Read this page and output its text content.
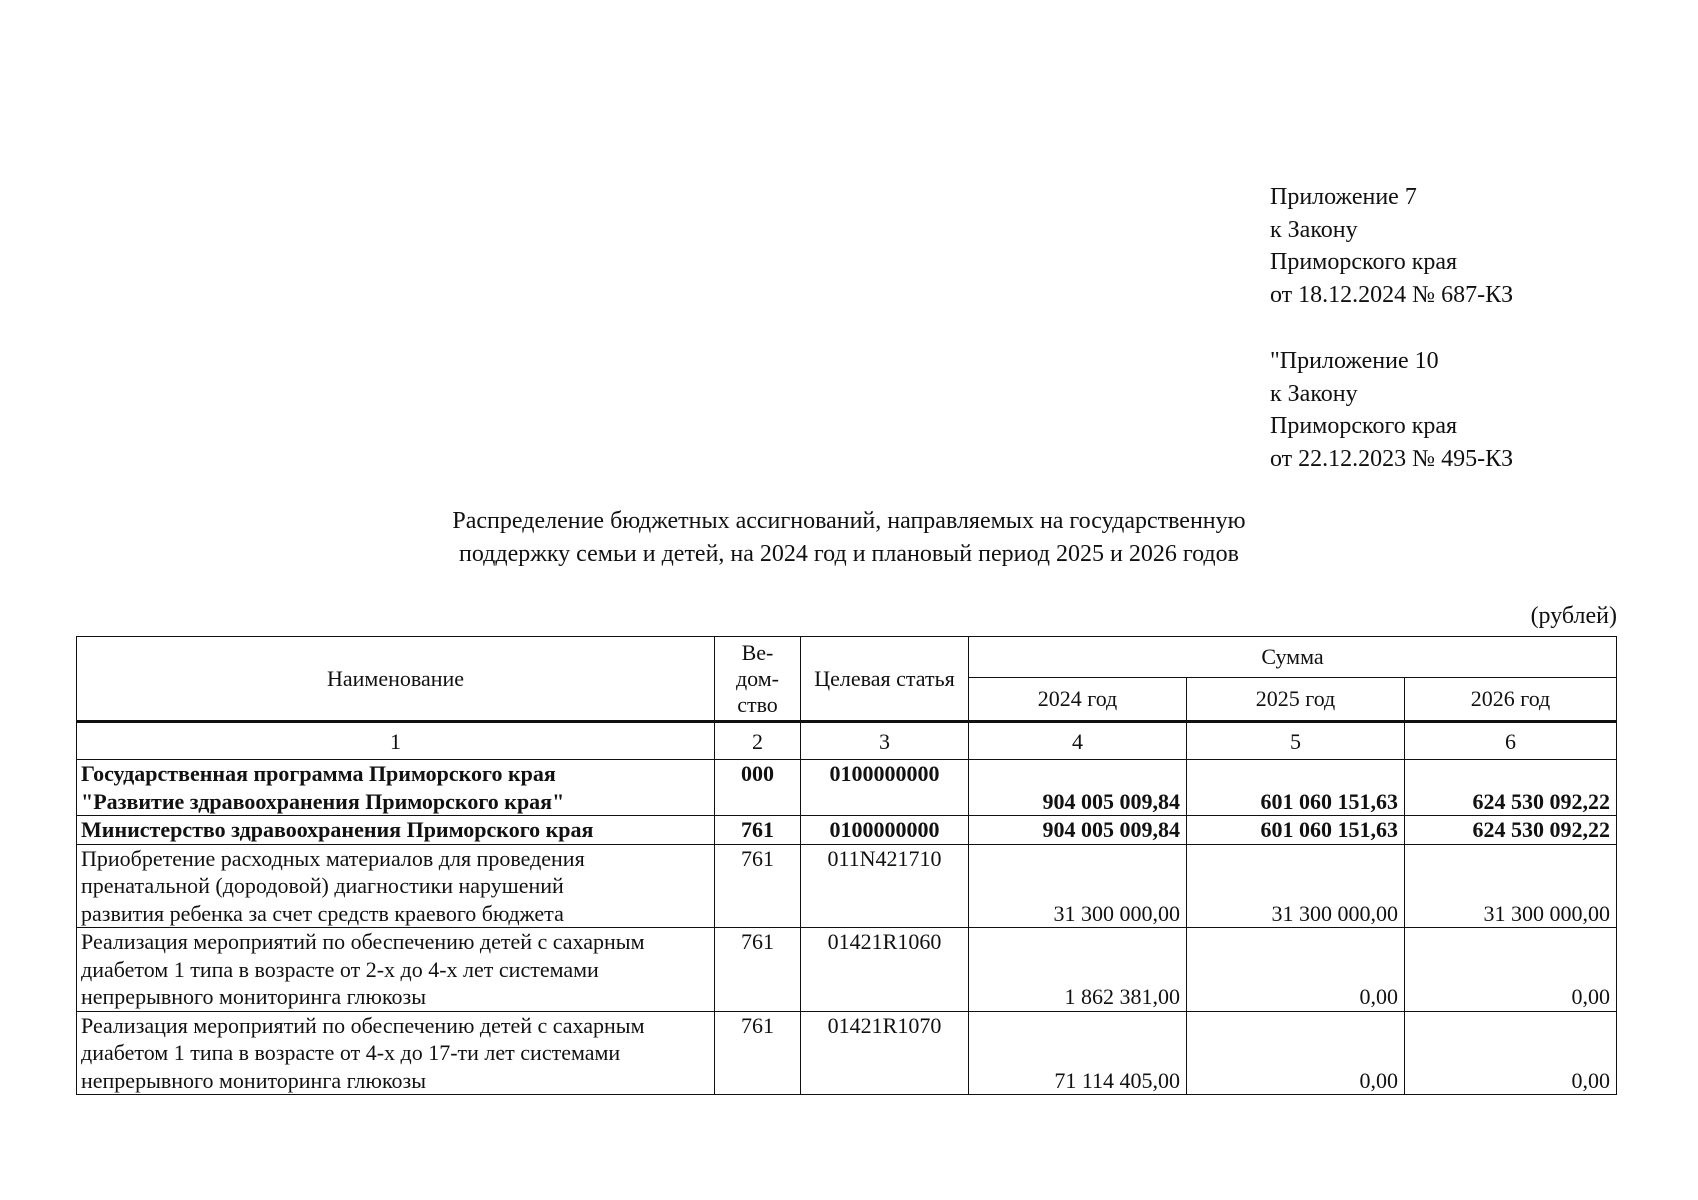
Приложение 7
к Закону
Приморского края
от 18.12.2024 № 687-КЗ
"Приложение 10
к Закону
Приморского края
от 22.12.2023 № 495-КЗ
Распределение бюджетных ассигнований, направляемых на государственную
поддержку семьи и детей, на 2024 год и плановый период 2025 и 2026 годов
(рублей)
Наименование	Ве-
дом-
ство	Целевая статья	Сумма		
			2024 год	2025 год	2026 год
1	2	3	4	5	6

Государственная программа Приморского края
"Развитие здравоохранения Приморского края"	000	0100000000	904 005 009,84	601 060 151,63	624 530 092,22

Министерство здравоохранения Приморского края	761	0100000000	904 005 009,84	601 060 151,63	624 530 092,22

Приобретение расходных материалов для проведения
пренатальной (дородовой) диагностики нарушений
развития ребенка за счет средств краевого бюджета	761	011N421710	31 300 000,00	31 300 000,00	31 300 000,00

Реализация мероприятий по обеспечению детей с сахарным
диабетом 1 типа в возрасте от 2-х до 4-х лет системами
непрерывного мониторинга глюкозы	761	01421R1060	1 862 381,00	0,00	0,00

Реализация мероприятий по обеспечению детей с сахарным
диабетом 1 типа в возрасте от 4-х до 17-ти лет системами
непрерывного мониторинга глюкозы	761	01421R1070	71 114 405,00	0,00	0,00
